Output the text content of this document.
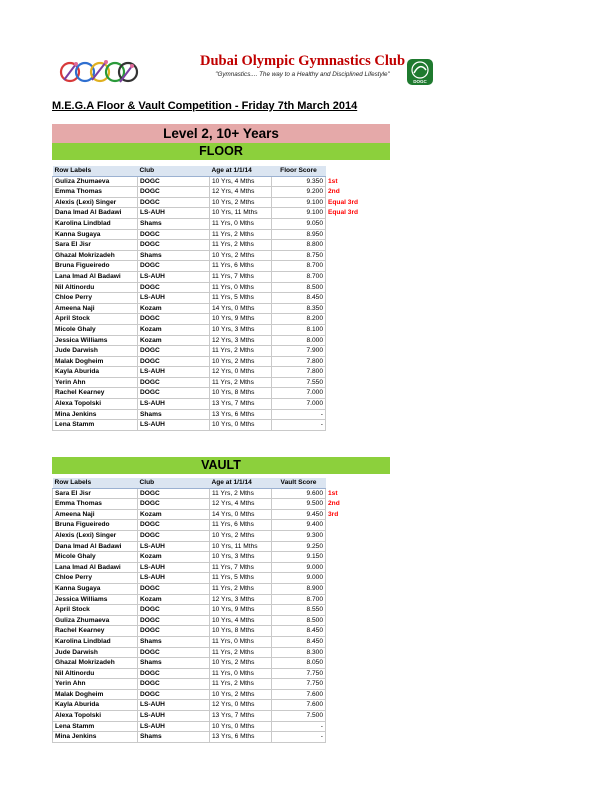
Dubai Olympic Gymnastics Club
"Gymnastics.... The way to a Healthy and Disciplined Lifestyle"
DOGC
M.E.G.A Floor & Vault Competition - Friday 7th March 2014
Level 2, 10+ Years
FLOOR
Row Labels	Club	Age at 1/1/14	Floor Score	
Guliza Zhumaeva	DOGC	10 Yrs, 4 Mths	9.350	1st
Emma Thomas	DOGC	12 Yrs, 4 Mths	9.200	2nd
Alexis (Lexi) Singer	DOGC	10 Yrs, 2 Mths	9.100	Equal 3rd
Dana Imad Al Badawi	LS-AUH	10 Yrs, 11 Mths	9.100	Equal 3rd
Karolina Lindblad	Shams	11 Yrs, 0 Mths	9.050	
Kanna Sugaya	DOGC	11 Yrs, 2 Mths	8.950	
Sara El Jisr	DOGC	11 Yrs, 2 Mths	8.800	
Ghazal Mokrizadeh	Shams	10 Yrs, 2 Mths	8.750	
Bruna Figueiredo	DOGC	11 Yrs, 6 Mths	8.700	
Lana Imad Al Badawi	LS-AUH	11 Yrs, 7 Mths	8.700	
Nil Altinordu	DOGC	11 Yrs, 0 Mths	8.500	
Chloe Perry	LS-AUH	11 Yrs, 5 Mths	8.450	
Ameena Naji	Kozam	14 Yrs, 0 Mths	8.350	
April Stock	DOGC	10 Yrs, 9 Mths	8.200	
Micole Ghaly	Kozam	10 Yrs, 3 Mths	8.100	
Jessica Williams	Kozam	12 Yrs, 3 Mths	8.000	
Jude Darwish	DOGC	11 Yrs, 2 Mths	7.900	
Malak Dogheim	DOGC	10 Yrs, 2 Mths	7.800	
Kayla Aburida	LS-AUH	12 Yrs, 0 Mths	7.800	
Yerin Ahn	DOGC	11 Yrs, 2 Mths	7.550	
Rachel Kearney	DOGC	10 Yrs, 8 Mths	7.000	
Alexa Topolski	LS-AUH	13 Yrs, 7 Mths	7.000	
Mina Jenkins	Shams	13 Yrs, 6 Mths	-	
Lena Stamm	LS-AUH	10 Yrs, 0 Mths	-	
VAULT
Row Labels	Club	Age at 1/1/14	Vault Score	
Sara El Jisr	DOGC	11 Yrs, 2 Mths	9.600	1st
Emma Thomas	DOGC	12 Yrs, 4 Mths	9.500	2nd
Ameena Naji	Kozam	14 Yrs, 0 Mths	9.450	3rd
Bruna Figueiredo	DOGC	11 Yrs, 6 Mths	9.400	
Alexis (Lexi) Singer	DOGC	10 Yrs, 2 Mths	9.300	
Dana Imad Al Badawi	LS-AUH	10 Yrs, 11 Mths	9.250	
Micole Ghaly	Kozam	10 Yrs, 3 Mths	9.150	
Lana Imad Al Badawi	LS-AUH	11 Yrs, 7 Mths	9.000	
Chloe Perry	LS-AUH	11 Yrs, 5 Mths	9.000	
Kanna Sugaya	DOGC	11 Yrs, 2 Mths	8.900	
Jessica Williams	Kozam	12 Yrs, 3 Mths	8.700	
April Stock	DOGC	10 Yrs, 9 Mths	8.550	
Guliza Zhumaeva	DOGC	10 Yrs, 4 Mths	8.500	
Rachel Kearney	DOGC	10 Yrs, 8 Mths	8.450	
Karolina Lindblad	Shams	11 Yrs, 0 Mths	8.450	
Jude Darwish	DOGC	11 Yrs, 2 Mths	8.300	
Ghazal Mokrizadeh	Shams	10 Yrs, 2 Mths	8.050	
Nil Altinordu	DOGC	11 Yrs, 0 Mths	7.750	
Yerin Ahn	DOGC	11 Yrs, 2 Mths	7.750	
Malak Dogheim	DOGC	10 Yrs, 2 Mths	7.600	
Kayla Aburida	LS-AUH	12 Yrs, 0 Mths	7.600	
Alexa Topolski	LS-AUH	13 Yrs, 7 Mths	7.500	
Lena Stamm	LS-AUH	10 Yrs, 0 Mths	-	
Mina Jenkins	Shams	13 Yrs, 6 Mths	-	
